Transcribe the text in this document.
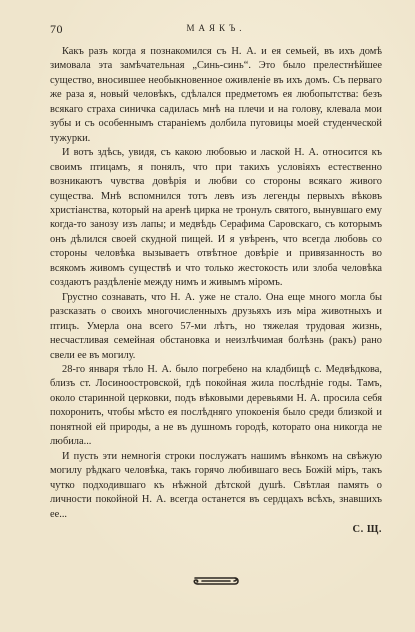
70	МАЯКЪ.

Какъ разъ когда я познакомился съ Н. А. и ея семьей, въ ихъ домѣ зимовала эта замѣчательная „Синь-синь“. Это было прелестнѣйшее существо, вносившее необыкновенное оживленіе въ ихъ домъ. Съ перваго же раза я, новый человѣкъ, сдѣлался предметомъ ея любопытства: безъ всякаго страха синичка садилась мнѣ на плечи и на голову, клевала мои зубы и съ особеннымъ стараніемъ долбила пуговицы моей студенческой тужурки.

И вотъ здѣсь, увидя, съ какою любовью и лаской Н. А. относится къ своимъ птицамъ, я понялъ, что при такихъ условіяхъ естественно возникаютъ чувства довѣрія и любви со стороны всякаго живого существа. Мнѣ вспомнился тотъ левъ изъ легенды первыхъ вѣковъ христіанства, который на аренѣ цирка не тронулъ святого, вынувшаго ему когда-то занозу изъ лапы; и медвѣдь Серафима Саровскаго, съ которымъ онъ дѣлился своей скудной пищей. И я увѣренъ, что всегда любовь со стороны человѣка вызываетъ отвѣтное довѣріе и привязанность во всякомъ живомъ существѣ и что только жестокость или злоба человѣка создаютъ раздѣленіе между нимъ и живымъ міромъ.

Грустно сознавать, что Н. А. уже не стало. Она еще много могла бы разсказать о своихъ многочисленныхъ друзьяхъ изъ міра животныхъ и птицъ. Умерла она всего 57-ми лѣтъ, но тяжелая трудовая жизнь, несчастливая семейная обстановка и неизлѣчимая болѣзнь (ракъ) рано свели ее въ могилу.

28-го января тѣло Н. А. было погребено на кладбищѣ с. Медвѣдкова, близъ ст. Лосиноостровской, гдѣ покойная жила послѣдніе годы. Тамъ, около старинной церковки, подъ вѣковыми деревьями Н. А. просила себя похоронить, чтобы мѣсто ея послѣдняго упокоенія было среди близкой и понятной ей природы, а не въ душномъ городѣ, которато она никогда не любила...

И пусть эти немногія строки послужатъ нашимъ вѣнкомъ на свѣжую могилу рѣдкаго человѣка, такъ горячо любившаго весь Божій міръ, такъ чутко подходившаго къ нѣжной дѣтской душѣ. Свѣтлая память о личности покойной Н. А. всегда останется въ сердцахъ всѣхъ, знавшихъ ее...

С. Щ.
